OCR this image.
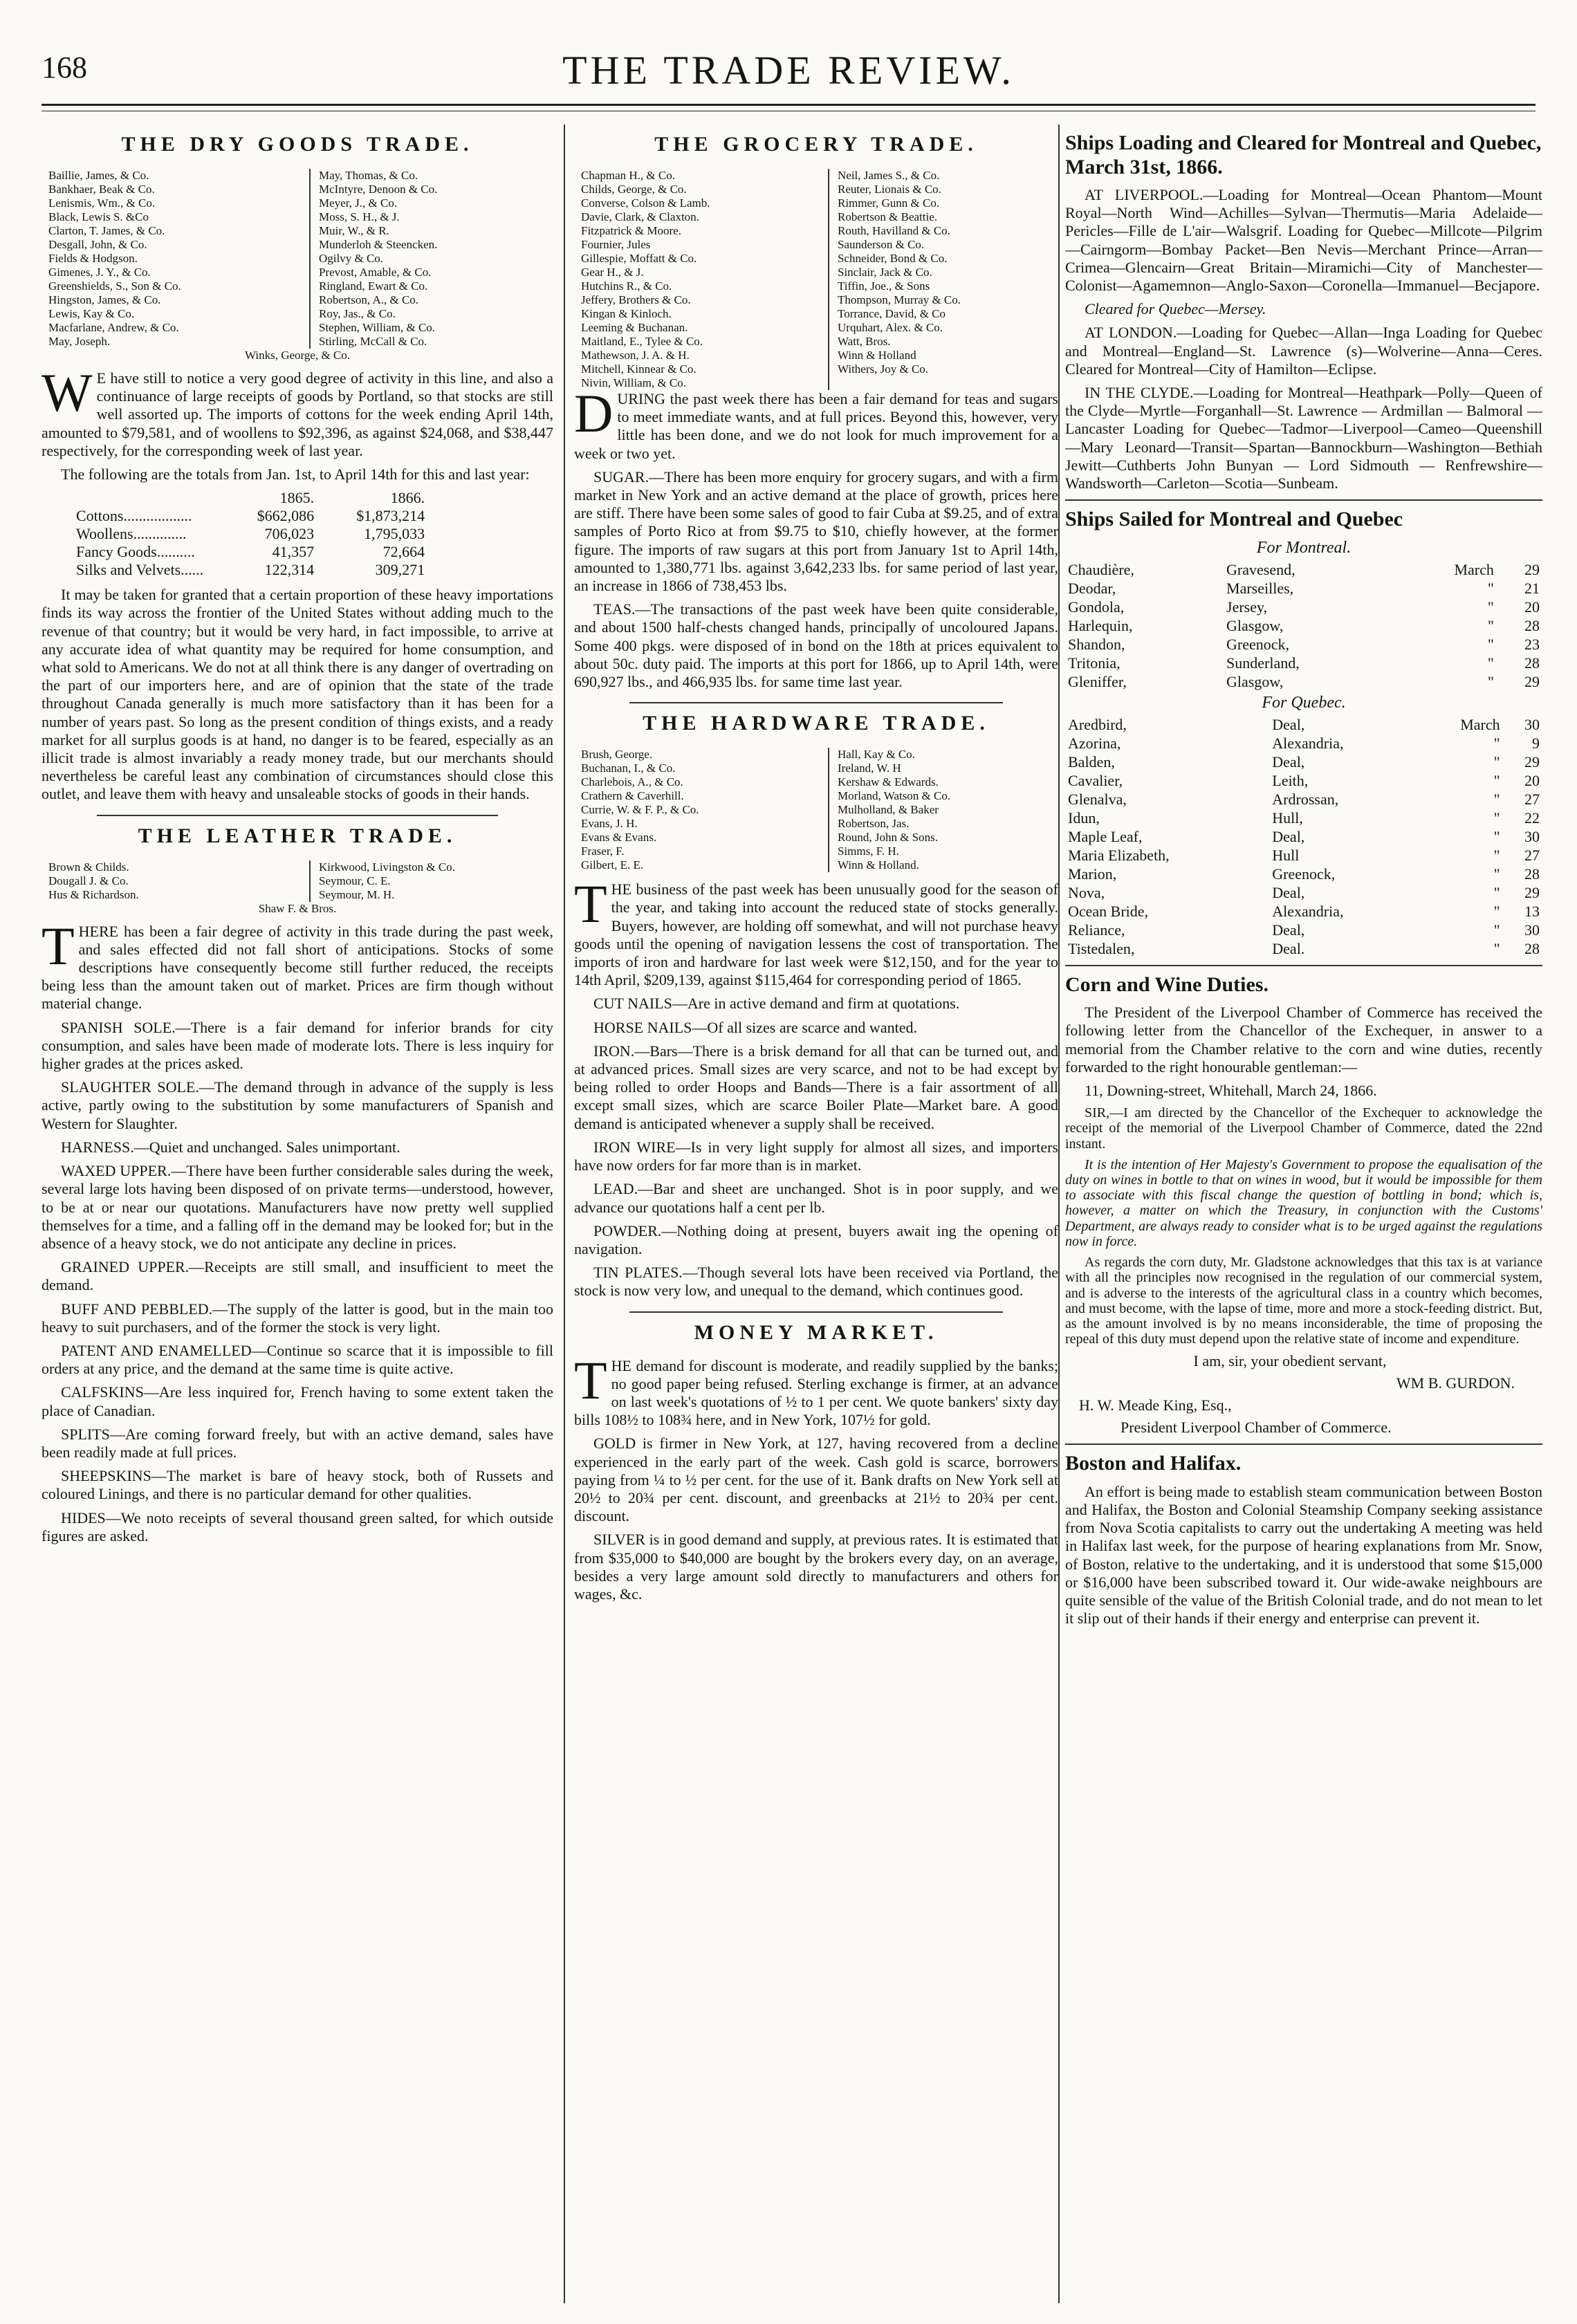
168	THE TRADE REVIEW.
THE DRY GOODS TRADE.
Baillie, James, & Co.
Bankhaer, Beak & Co.
Lenismis, Wm., & Co.
Black, Lewis S. &Co
Clarton, T. James, & Co.
Desgall, John, & Co.
Fields & Hodgson.
Gimenes, J. Y., & Co.
Greenshields, S., Son & Co.
Hingston, James, & Co.
Lewis, Kay & Co.
Macfarlane, Andrew, & Co.
May, Joseph.
May, Thomas, & Co.
McIntyre, Denoon & Co.
Meyer, J., & Co.
Moss, S. H., & J.
Muir, W., & R.
Munderloh & Steencken.
Ogilvy & Co.
Prevost, Amable, & Co.
Ringland, Ewart & Co.
Robertson, A., & Co.
Roy, Jas., & Co.
Stephen, William, & Co.
Stirling, McCall & Co.
Winks, George, & Co.

WE have still to notice a very good degree of activity in this line, and also a continuance of large receipts of goods by Portland, so that stocks are still well assorted up. The imports of cottons for the week ending April 14th, amounted to $79,581, and of woollens to $92,396, as against $24,068, and $38,447 respectively, for the corresponding week of last year.

The following are the totals from Jan. 1st, to April 14th for this and last year:

	1865.	1866.
Cottons..................	$662,086	$1,873,214
Woollens..............	706,023	1,795,033
Fancy Goods..........	41,357	72,664
Silks and Velvets......	122,314	309,271

It may be taken for granted that a certain proportion of these heavy importations finds its way across the frontier of the United States without adding much to the revenue of that country; but it would be very hard, in fact impossible, to arrive at any accurate idea of what quantity may be required for home consumption, and what sold to Americans. We do not at all think there is any danger of overtrading on the part of our importers here, and are of opinion that the state of the trade throughout Canada generally is much more satisfactory than it has been for a number of years past. So long as the present condition of things exists, and a ready market for all surplus goods is at hand, no danger is to be feared, especially as an illicit trade is almost invariably a ready money trade, but our merchants should nevertheless be careful least any combination of circumstances should close this outlet, and leave them with heavy and unsaleable stocks of goods in their hands.

THE LEATHER TRADE.
Brown & Childs.
Dougall J. & Co.
Hus & Richardson.
Kirkwood, Livingston & Co.
Seymour, C. E.
Seymour, M. H.
Shaw F. & Bros.

THERE has been a fair degree of activity in this trade during the past week, and sales effected did not fall short of anticipations. Stocks of some descriptions have consequently become still further reduced, the receipts being less than the amount taken out of market. Prices are firm though without material change.

SPANISH SOLE.—There is a fair demand for inferior brands for city consumption, and sales have been made of moderate lots. There is less inquiry for higher grades at the prices asked.

SLAUGHTER SOLE.—The demand through in advance of the supply is less active, partly owing to the substitution by some manufacturers of Spanish and Western for Slaughter.

HARNESS.—Quiet and unchanged. Sales unimportant.

WAXED UPPER.—There have been further considerable sales during the week, several large lots having been disposed of on private terms—understood, however, to be at or near our quotations. Manufacturers have now pretty well supplied themselves for a time, and a falling off in the demand may be looked for; but in the absence of a heavy stock, we do not anticipate any decline in prices.

GRAINED UPPER.—Receipts are still small, and insufficient to meet the demand.

BUFF AND PEBBLED.—The supply of the latter is good, but in the main too heavy to suit purchasers, and of the former the stock is very light.

PATENT AND ENAMELLED—Continue so scarce that it is impossible to fill orders at any price, and the demand at the same time is quite active.

CALFSKINS—Are less inquired for, French having to some extent taken the place of Canadian.

SPLITS—Are coming forward freely, but with an active demand, sales have been readily made at full prices.

SHEEPSKINS—The market is bare of heavy stock, both of Russets and coloured Linings, and there is no particular demand for other qualities.

HIDES—We noto receipts of several thousand green salted, for which outside figures are asked.

THE GROCERY TRADE.
Chapman H., & Co.
Childs, George, & Co.
Converse, Colson & Lamb.
Davie, Clark, & Claxton.
Fitzpatrick & Moore.
Fournier, Jules
Gillespie, Moffatt & Co.
Gear H., & J.
Hutchins R., & Co.
Jeffery, Brothers & Co.
Kingan & Kinloch.
Leeming & Buchanan.
Maitland, E., Tylee & Co.
Mathewson, J. A. & H.
Mitchell, Kinnear & Co.
Nivin, William, & Co.
Neil, James S., & Co.
Reuter, Lionais & Co.
Rimmer, Gunn & Co.
Robertson & Beattie.
Routh, Havilland & Co.
Saunderson & Co.
Schneider, Bond & Co.
Sinclair, Jack & Co.
Tiffin, Joe., & Sons
Thompson, Murray & Co.
Torrance, David, & Co
Urquhart, Alex. & Co.
Watt, Bros.
Winn & Holland
Withers, Joy & Co.

DURING the past week there has been a fair demand for teas and sugars to meet immediate wants, and at full prices. Beyond this, however, very little has been done, and we do not look for much improvement for a week or two yet.

SUGAR.—There has been more enquiry for grocery sugars, and with a firm market in New York and an active demand at the place of growth, prices here are stiff. There have been some sales of good to fair Cuba at $9.25, and of extra samples of Porto Rico at from $9.75 to $10, chiefly however, at the former figure. The imports of raw sugars at this port from January 1st to April 14th, amounted to 1,380,771 lbs. against 3,642,233 lbs. for same period of last year, an increase in 1866 of 738,453 lbs.

TEAS.—The transactions of the past week have been quite considerable, and about 1500 half-chests changed hands, principally of uncoloured Japans. Some 400 pkgs. were disposed of in bond on the 18th at prices equivalent to about 50c. duty paid. The imports at this port for 1866, up to April 14th, were 690,927 lbs., and 466,935 lbs. for same time last year.

THE HARDWARE TRADE.
Brush, George.
Buchanan, I., & Co.
Charlebois, A., & Co.
Crathern & Caverhill.
Currie, W. & F. P., & Co.
Evans, J. H.
Evans & Evans.
Fraser, F.
Gilbert, E. E.
Hall, Kay & Co.
Ireland, W. H
Kershaw & Edwards.
Morland, Watson & Co.
Mulholland, & Baker
Robertson, Jas.
Round, John & Sons.
Simms, F. H.
Winn & Holland.

THE business of the past week has been unusually good for the season of the year, and taking into account the reduced state of stocks generally. Buyers, however, are holding off somewhat, and will not purchase heavy goods until the opening of navigation lessens the cost of transportation. The imports of iron and hardware for last week were $12,150, and for the year to 14th April, $209,139, against $115,464 for corresponding period of 1865.

CUT NAILS—Are in active demand and firm at quotations.

HORSE NAILS—Of all sizes are scarce and wanted.

IRON.—Bars—There is a brisk demand for all that can be turned out, and at advanced prices. Small sizes are very scarce, and not to be had except by being rolled to order Hoops and Bands—There is a fair assortment of all except small sizes, which are scarce Boiler Plate—Market bare. A good demand is anticipated whenever a supply shall be received.

IRON WIRE—Is in very light supply for almost all sizes, and importers have now orders for far more than is in market.

LEAD.—Bar and sheet are unchanged. Shot is in poor supply, and we advance our quotations half a cent per lb.

POWDER.—Nothing doing at present, buyers await ing the opening of navigation.

TIN PLATES.—Though several lots have been received via Portland, the stock is now very low, and unequal to the demand, which continues good.

MONEY MARKET.

THE demand for discount is moderate, and readily supplied by the banks; no good paper being refused. Sterling exchange is firmer, at an advance on last week's quotations of ½ to 1 per cent. We quote bankers' sixty day bills 108½ to 108¾ here, and in New York, 107½ for gold.

GOLD is firmer in New York, at 127, having recovered from a decline experienced in the early part of the week. Cash gold is scarce, borrowers paying from ¼ to ½ per cent. for the use of it. Bank drafts on New York sell at 20½ to 20¾ per cent. discount, and greenbacks at 21½ to 20¾ per cent. discount.

SILVER is in good demand and supply, at previous rates. It is estimated that from $35,000 to $40,000 are bought by the brokers every day, on an average, besides a very large amount sold directly to manufacturers and others for wages, &c.

Ships Loading and Cleared for Montreal and Quebec, March 31st, 1866.

AT LIVERPOOL.—Loading for Montreal—Ocean Phantom—Mount Royal—North Wind—Achilles—Sylvan—Thermutis—Maria Adelaide—Pericles—Fille de L'air—Walsgrif. Loading for Quebec—Millcote—Pilgrim—Cairngorm—Bombay Packet—Ben Nevis—Merchant Prince—Arran—Crimea—Glencairn—Great Britain—Miramichi—City of Manchester—Colonist—Agamemnon—Anglo-Saxon—Coronella—Immanuel—Becjapore.

Cleared for Quebec—Mersey.

AT LONDON.—Loading for Quebec—Allan—Inga Loading for Quebec and Montreal—England—St. Lawrence (s)—Wolverine—Anna—Ceres. Cleared for Montreal—City of Hamilton—Eclipse.

IN THE CLYDE.—Loading for Montreal—Heathpark—Polly—Queen of the Clyde—Myrtle—Forganhall—St. Lawrence — Ardmillan — Balmoral — Lancaster Loading for Quebec—Tadmor—Liverpool—Cameo—Queenshill—Mary Leonard—Transit—Spartan—Bannockburn—Washington—Bethiah Jewitt—Cuthberts John Bunyan — Lord Sidmouth — Renfrewshire—Wandsworth—Carleton—Scotia—Sunbeam.

Ships Sailed for Montreal and Quebec
For Montreal.
Chaudière,	Gravesend,	March	29
Deodar,	Marseilles,	"	21
Gondola,	Jersey,	"	20
Harlequin,	Glasgow,	"	28
Shandon,	Greenock,	"	23
Tritonia,	Sunderland,	"	28
Gleniffer,	Glasgow,	"	29
For Quebec.
Aredbird,	Deal,	March	30
Azorina,	Alexandria,	"	9
Balden,	Deal,	"	29
Cavalier,	Leith,	"	20
Glenalva,	Ardrossan,	"	27
Idun,	Hull,	"	22
Maple Leaf,	Deal,	"	30
Maria Elizabeth,	Hull	"	27
Marion,	Greenock,	"	28
Nova,	Deal,	"	29
Ocean Bride,	Alexandria,	"	13
Reliance,	Deal,	"	30
Tistedalen,	Deal.	"	28
Corn and Wine Duties.

The President of the Liverpool Chamber of Commerce has received the following letter from the Chancellor of the Exchequer, in answer to a memorial from the Chamber relative to the corn and wine duties, recently forwarded to the right honourable gentleman:—

11, Downing-street, Whitehall, March 24, 1866.

SIR,—I am directed by the Chancellor of the Exchequer to acknowledge the receipt of the memorial of the Liverpool Chamber of Commerce, dated the 22nd instant.

It is the intention of Her Majesty's Government to propose the equalisation of the duty on wines in bottle to that on wines in wood, but it would be impossible for them to associate with this fiscal change the question of bottling in bond; which is, however, a matter on which the Treasury, in conjunction with the Customs' Department, are always ready to consider what is to be urged against the regulations now in force.

As regards the corn duty, Mr. Gladstone acknowledges that this tax is at variance with all the principles now recognised in the regulation of our commercial system, and is adverse to the interests of the agricultural class in a country which becomes, and must become, with the lapse of time, more and more a stock-feeding district. But, as the amount involved is by no means inconsiderable, the time of proposing the repeal of this duty must depend upon the relative state of income and expenditure.

I am, sir, your obedient servant,
WM B. GURDON.
H. W. Meade King, Esq.,
President Liverpool Chamber of Commerce.
Boston and Halifax.

An effort is being made to establish steam communication between Boston and Halifax, the Boston and Colonial Steamship Company seeking assistance from Nova Scotia capitalists to carry out the undertaking A meeting was held in Halifax last week, for the purpose of hearing explanations from Mr. Snow, of Boston, relative to the undertaking, and it is understood that some $15,000 or $16,000 have been subscribed toward it. Our wide-awake neighbours are quite sensible of the value of the British Colonial trade, and do not mean to let it slip out of their hands if their energy and enterprise can prevent it.
